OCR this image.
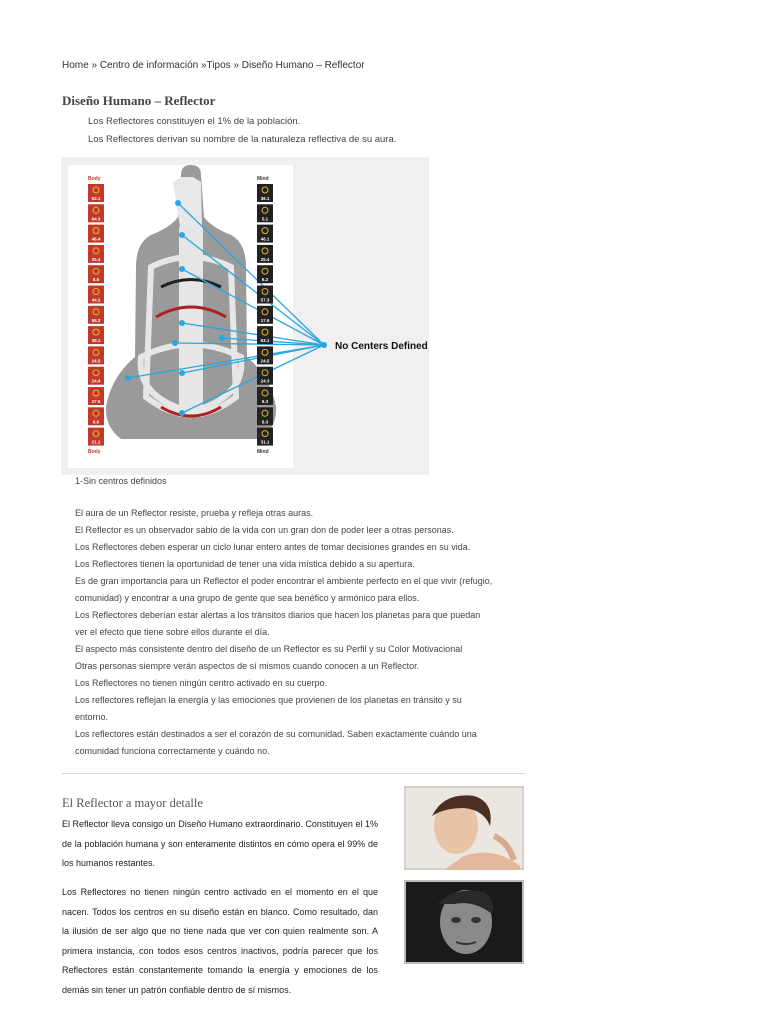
Home » Centro de información »Tipos » Diseño Humano – Reflector
Diseño Humano – Reflector

Los Reflectores constituyen el 1% de la población.

Los Reflectores derivan su nombre de la naturaleza reflectiva de su aura.

No Centers Defined
Body
Body
Mind
Mind
63.1
64.3
46.4
25.4
8.6
44.2
55.3
38.1
24.5
24.4
27.5
6.6
21.1
36.1
5.1
46.1
25.4
6.2
57.3
17.6
63.1
24.5
24.3
6.3
6.3
31.1
1-Sin centros definidos

El aura de un Reflector resiste, prueba y refleja otras auras.

El Reflector es un observador sabio de la vida con un gran don de poder leer a otras personas.

Los Reflectores deben esperar un ciclo lunar entero antes de tomar decisiones grandes en su vida.

Los Reflectores tienen la oportunidad de tener una vida mística debido a su apertura.

Es de gran importancia para un Reflector el poder encontrar el ambiente perfecto en el que vivir (refugio, comunidad) y encontrar a una grupo de gente que sea benéfico y armónico para ellos.

Los Reflectores deberían estar alertas a los tránsitos diarios que hacen los planetas para que puedan ver el efecto que tiene sobre ellos durante el día.

El aspecto más consistente dentro del diseño de un Reflector es su Perfil y su Color Motivacional

Otras personas siempre verán aspectos de sí mismos cuando conocen a un Reflector.

Los Reflectores no tienen ningún centro activado en su cuerpo.

Los reflectores reflejan la energía y las emociones que provienen de los planetas en tránsito y su entorno.

Los reflectores están destinados a ser el corazón de su comunidad. Saben exactamente cuándo una comunidad funciona correctamente y cuándo no.

El Reflector a mayor detalle

El Reflector lleva consigo un Diseño Humano extraordinario. Constituyen el 1% de la población humana y son enteramente distintos en cómo opera el 99% de los humanos restantes.

Los Reflectores no tienen ningún centro activado en el momento en el que nacen. Todos los centros en su diseño están en blanco. Como resultado, dan la ilusión de ser algo que no tiene nada que ver con quien realmente son. A primera instancia, con todos esos centros inactivos, podría parecer que los Reflectores están constantemente tomando la energía y emociones de los demás sin tener un patrón confiable dentro de sí mismos.
